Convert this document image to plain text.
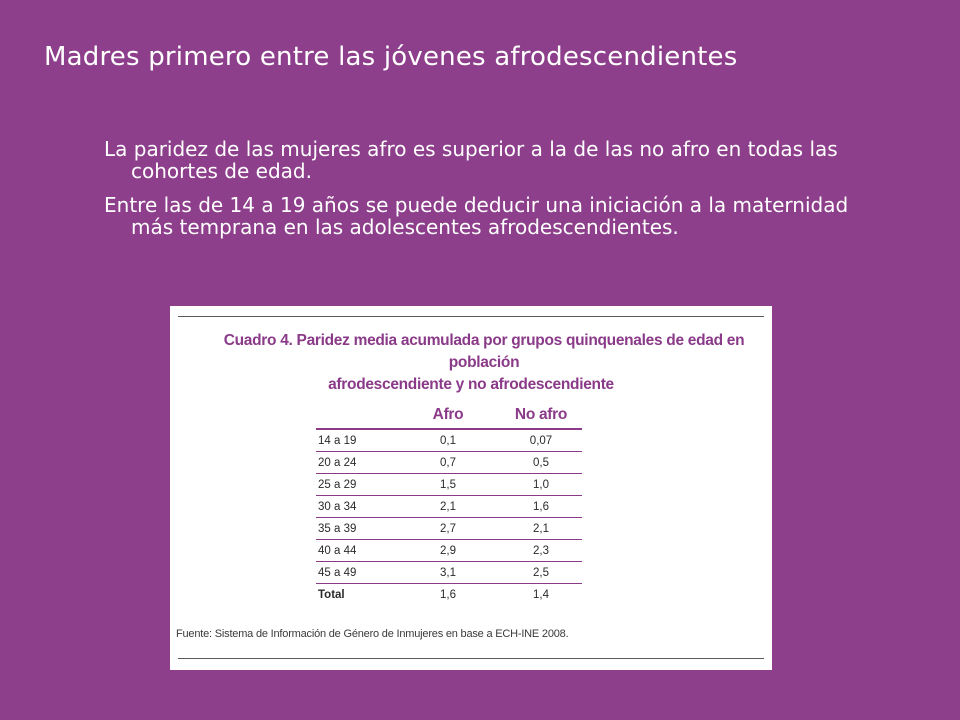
Madres primero entre las jóvenes afrodescendientes
La paridez de las mujeres afro es superior a la de las no afro en todas las cohortes de edad.
Entre las de 14 a 19 años se puede deducir una iniciación a la maternidad más temprana en las adolescentes afrodescendientes.
Cuadro 4. Paridez media acumulada por grupos quinquenales de edad en población
afrodescendiente y no afrodescendiente
	Afro	No afro
14 a 19	0,1	0,07
20 a 24	0,7	0,5
25 a 29	1,5	1,0
30 a 34	2,1	1,6
35 a 39	2,7	2,1
40 a 44	2,9	2,3
45 a 49	3,1	2,5
Total	1,6	1,4
Fuente: Sistema de Información de Género de Inmujeres en base a ECH-INE 2008.
